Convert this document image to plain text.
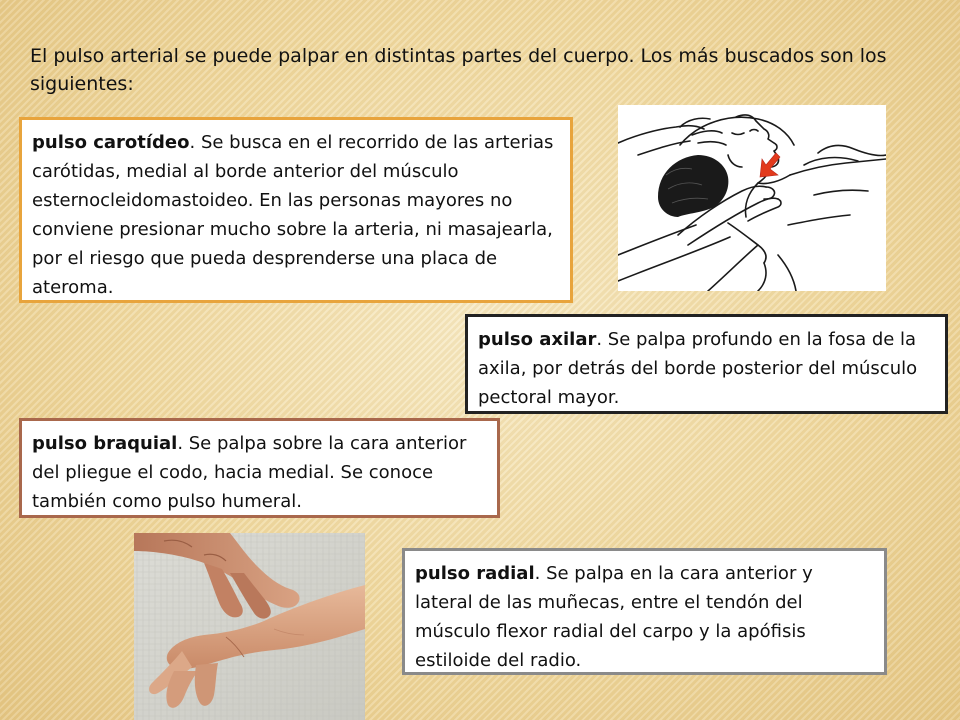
El pulso arterial se puede palpar en distintas partes del cuerpo. Los más buscados son los siguientes:

pulso carotídeo. Se busca en el recorrido de las arterias carótidas, medial al borde anterior del músculo esternocleidomastoideo. En las personas mayores no conviene presionar mucho sobre la arteria, ni masajearla, por el riesgo que pueda desprenderse una placa de ateroma.

pulso axilar. Se palpa profundo en la fosa de la axila, por detrás del borde posterior del músculo pectoral mayor.

pulso braquial. Se palpa sobre la cara anterior del pliegue el codo, hacia medial. Se conoce también como pulso humeral.

pulso radial. Se palpa en la cara anterior y lateral de las muñecas, entre el tendón del músculo flexor radial del carpo y la apófisis estiloide del radio.
